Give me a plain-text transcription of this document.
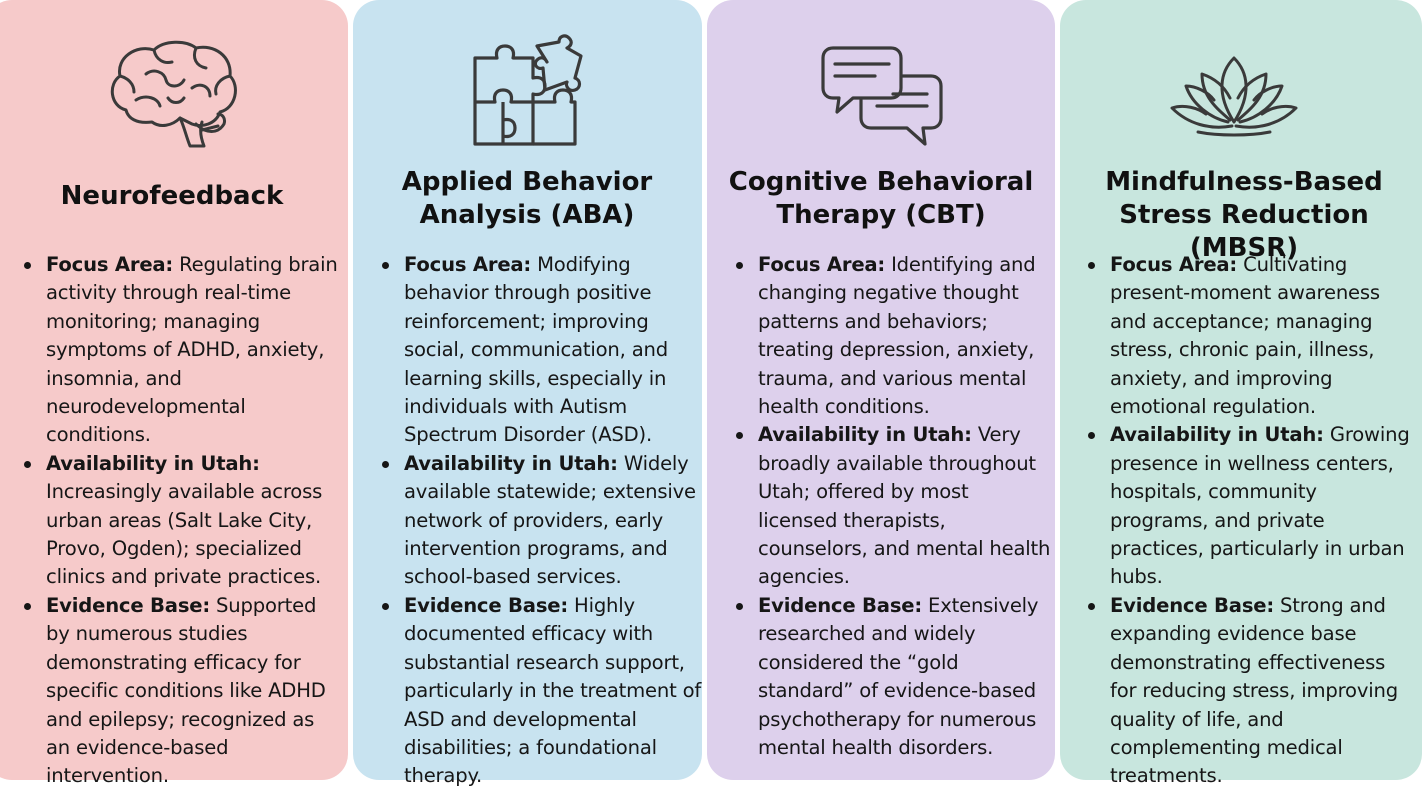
Neurofeedback
Focus Area: Regulating brain activity through real-time monitoring; managing symptoms of ADHD, anxiety, insomnia, and neurodevelopmental conditions.
Availability in Utah: Increasingly available across urban areas (Salt Lake City, Provo, Ogden); specialized clinics and private practices.
Evidence Base: Supported by numerous studies demonstrating efficacy for specific conditions like ADHD and epilepsy; recognized as an evidence-based intervention.
Applied Behavior Analysis (ABA)
Focus Area: Modifying behavior through positive reinforcement; improving social, communication, and learning skills, especially in individuals with Autism Spectrum Disorder (ASD).
Availability in Utah: Widely available statewide; extensive network of providers, early intervention programs, and school-based services.
Evidence Base: Highly documented efficacy with substantial research support, particularly in the treatment of ASD and developmental disabilities; a foundational therapy.
Cognitive Behavioral Therapy (CBT)
Focus Area: Identifying and changing negative thought patterns and behaviors; treating depression, anxiety, trauma, and various mental health conditions.
Availability in Utah: Very broadly available throughout Utah; offered by most licensed therapists, counselors, and mental health agencies.
Evidence Base: Extensively researched and widely considered the “gold standard” of evidence-based psychotherapy for numerous mental health disorders.
Mindfulness-Based Stress Reduction (MBSR)
Focus Area: Cultivating present-moment awareness and acceptance; managing stress, chronic pain, illness, anxiety, and improving emotional regulation.
Availability in Utah: Growing presence in wellness centers, hospitals, community programs, and private practices, particularly in urban hubs.
Evidence Base: Strong and expanding evidence base demonstrating effectiveness for reducing stress, improving quality of life, and complementing medical treatments.
